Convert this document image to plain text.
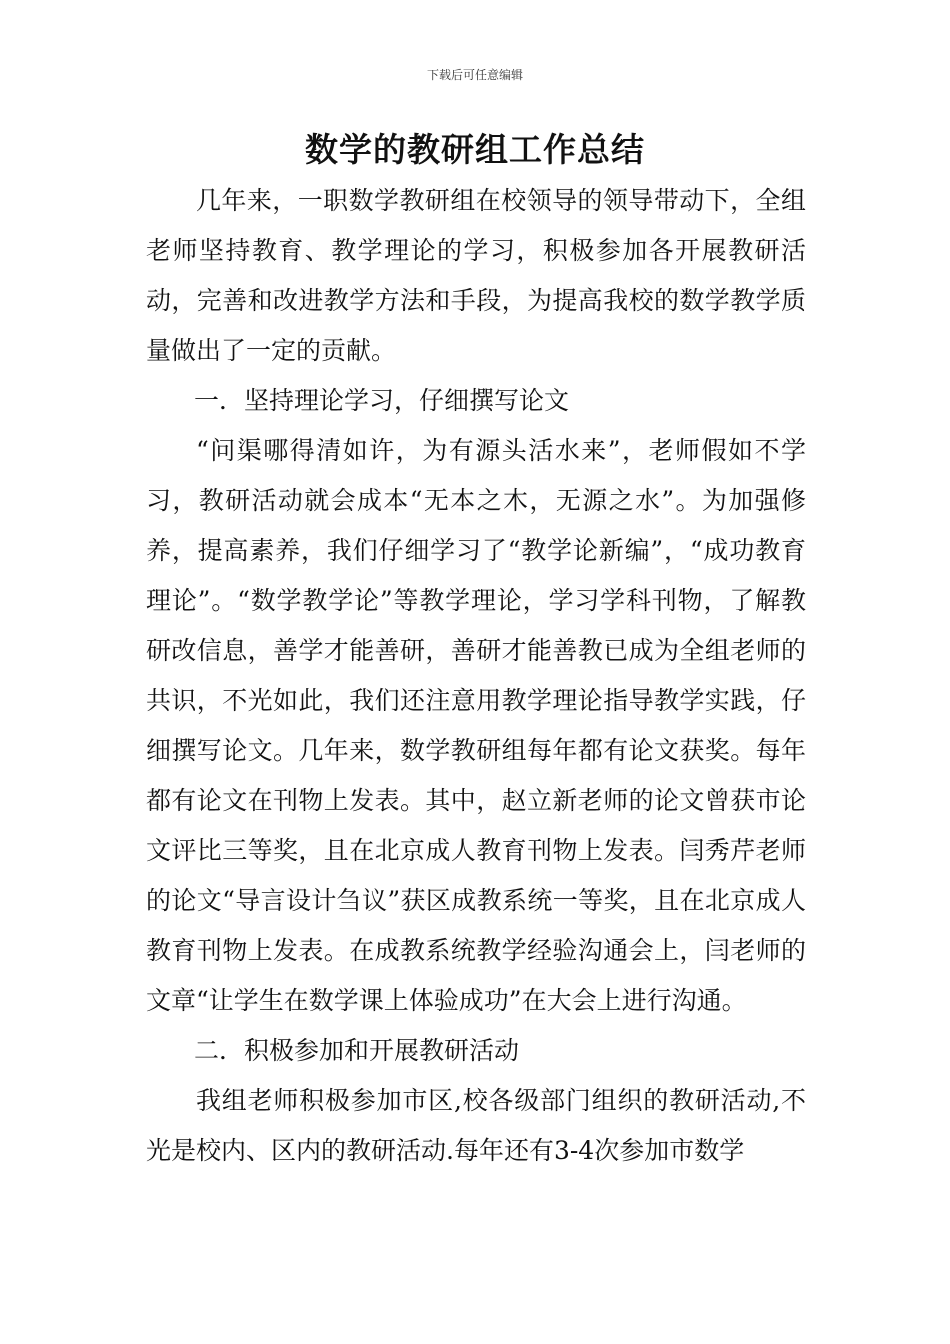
下载后可任意编辑
数学的教研组工作总结

几年来，一职数学教研组在校领导的领导带动下，全组老师坚持教育、教学理论的学习，积极参加各开展教研活动，完善和改进教学方法和手段，为提高我校的数学教学质量做出了一定的贡献。

一．坚持理论学习，仔细撰写论文

“问渠哪得清如许，为有源头活水来”，老师假如不学习，教研活动就会成本“无本之木，无源之水”。为加强修养，提高素养，我们仔细学习了“教学论新编”，“成功教育理论”。“数学教学论”等教学理论，学习学科刊物，了解教研改信息，善学才能善研，善研才能善教已成为全组老师的共识，不光如此，我们还注意用教学理论指导教学实践，仔细撰写论文。几年来，数学教研组每年都有论文获奖。每年都有论文在刊物上发表。其中，赵立新老师的论文曾获市论文评比三等奖，且在北京成人教育刊物上发表。闫秀芹老师的论文“导言设计刍议”获区成教系统一等奖，且在北京成人教育刊物上发表。在成教系统教学经验沟通会上，闫老师的文章“让学生在数学课上体验成功”在大会上进行沟通。

二．积极参加和开展教研活动

我组老师积极参加市区,校各级部门组织的教研活动,不光是校内、区内的教研活动.每年还有3-4次参加市数学
